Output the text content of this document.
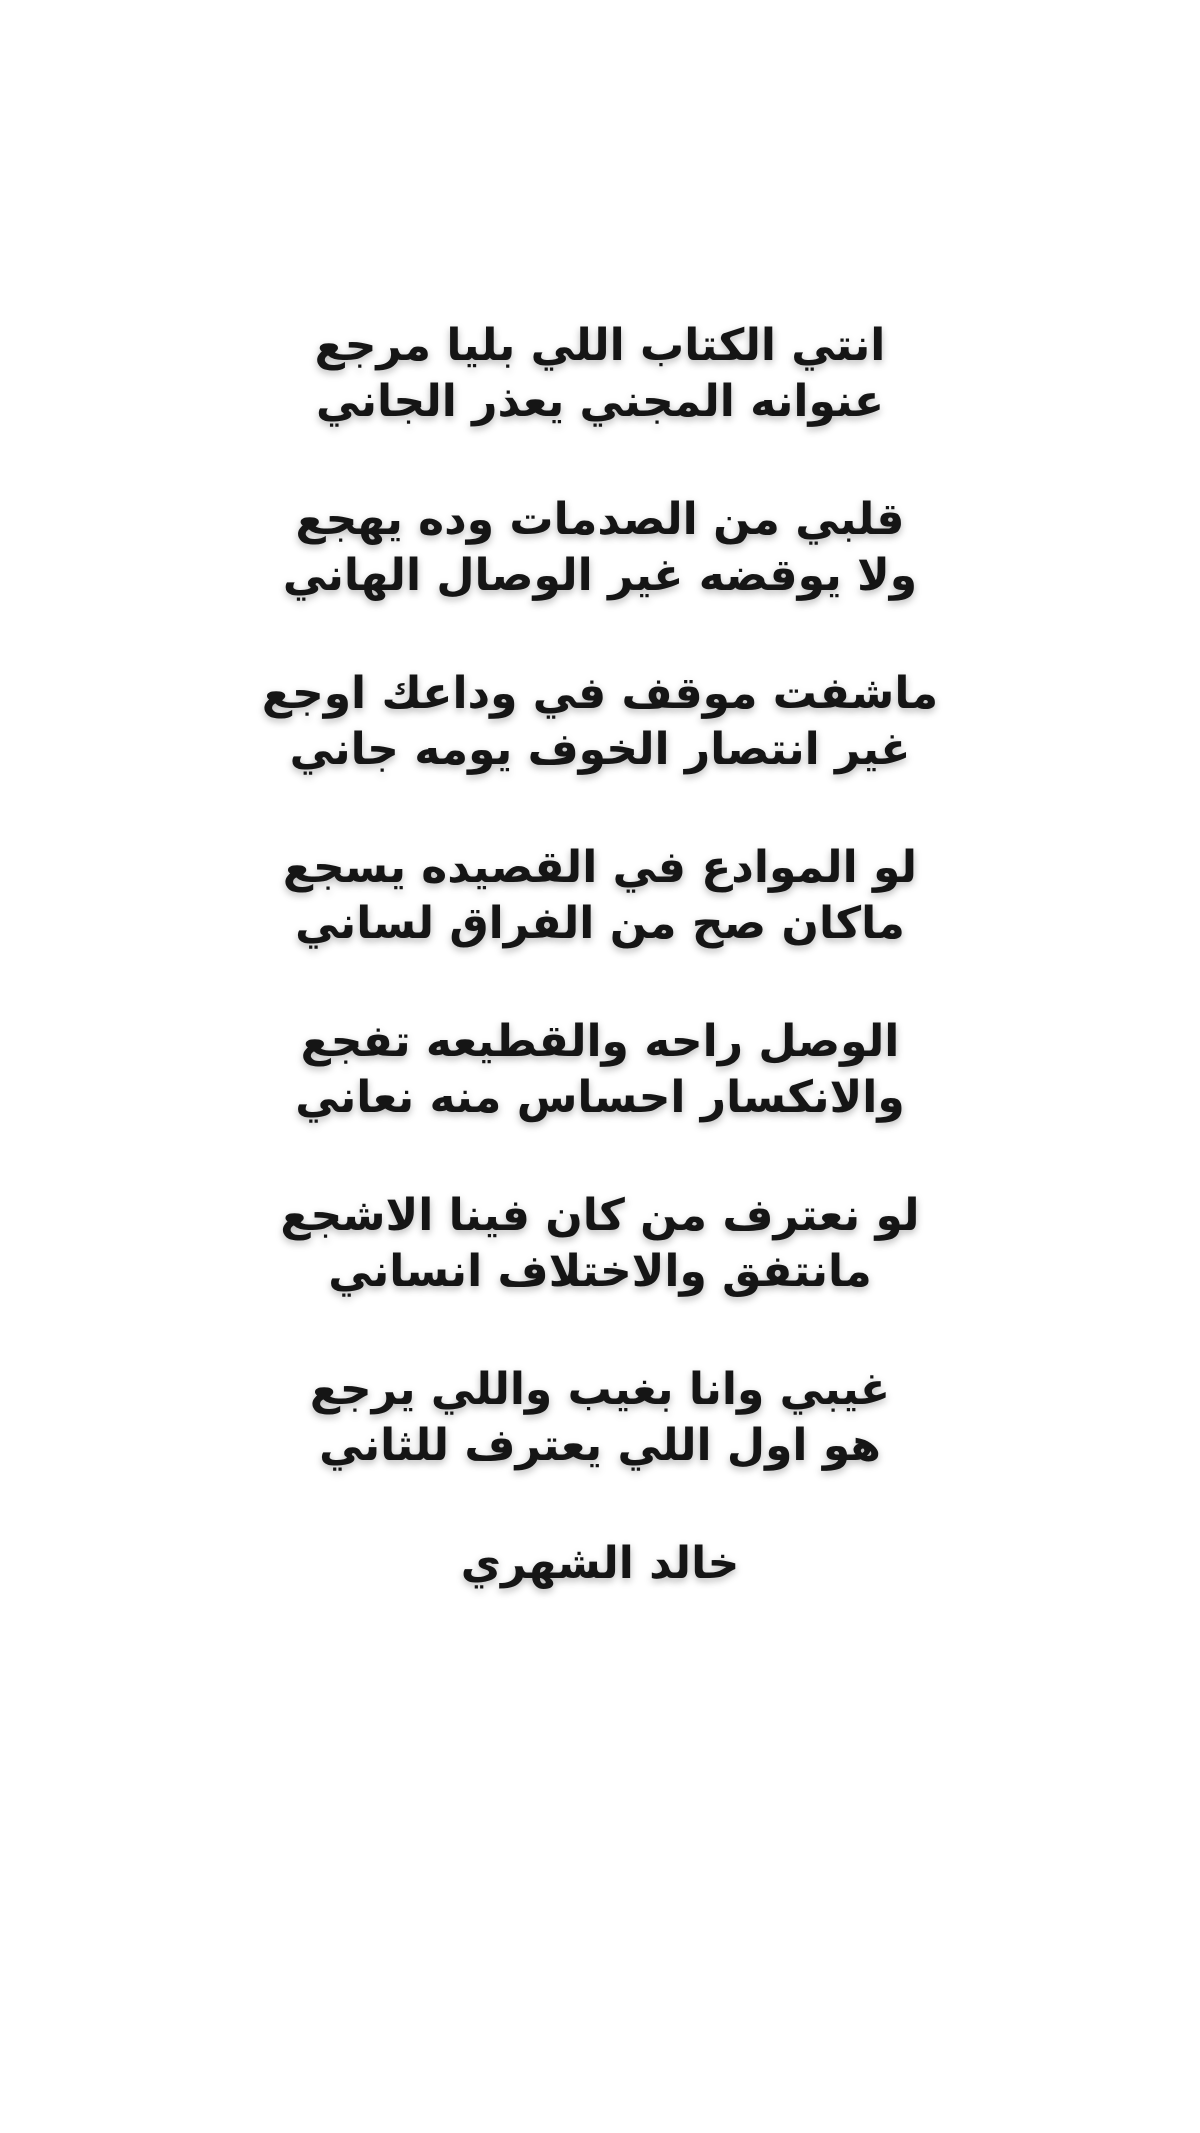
انتي الكتاب اللي بليا مرجع
عنوانه المجني يعذر الجاني
قلبي من الصدمات وده يهجع
ولا يوقضه غير الوصال الهاني
ماشفت موقف في وداعك اوجع
غير انتصار الخوف يومه جاني
لو الموادع في القصيده يسجع
ماكان صح من الفراق لساني
الوصل راحه والقطيعه تفجع
والانكسار احساس منه نعاني
لو نعترف من كان فينا الاشجع
مانتفق والاختلاف انساني
غيبي وانا بغيب واللي يرجع
هو اول اللي يعترف للثاني
خالد الشهري
